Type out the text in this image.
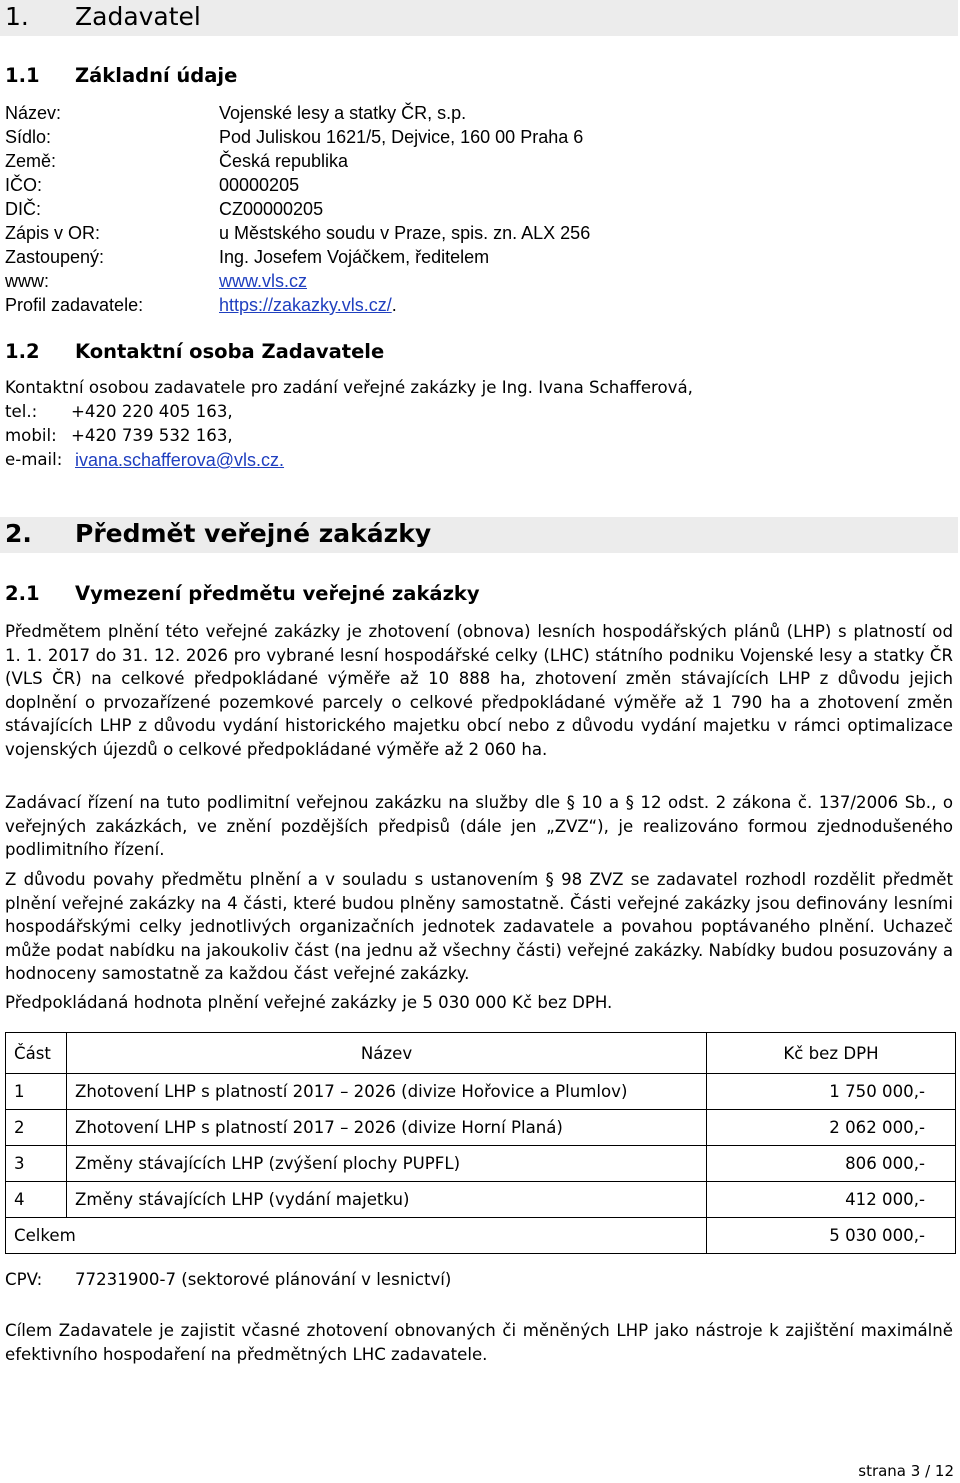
1. Zadavatel
1.1 Základní údaje
Název:	Vojenské lesy a statky ČR, s.p.
Sídlo:	Pod Juliskou 1621/5, Dejvice, 160 00 Praha 6
Země:	Česká republika
IČO:	00000205
DIČ:	CZ00000205
Zápis v OR:	u Městského soudu v Praze, spis. zn. ALX 256
Zastoupený:	Ing. Josefem Vojáčkem, ředitelem
www:	www.vls.cz
Profil zadavatele:	https://zakazky.vls.cz/.
1.2 Kontaktní osoba Zadavatele
Kontaktní osobou zadavatele pro zadání veřejné zakázky je Ing. Ivana Schafferová,
tel.: +420 220 405 163,
mobil: +420 739 532 163,
e-mail: ivana.schafferova@vls.cz.
2. Předmět veřejné zakázky
2.1 Vymezení předmětu veřejné zakázky
Předmětem plnění této veřejné zakázky je zhotovení (obnova) lesních hospodářských plánů (LHP) s platností od 1. 1. 2017 do 31. 12. 2026 pro vybrané lesní hospodářské celky (LHC) státního podniku Vojenské lesy a statky ČR (VLS ČR) na celkové předpokládané výměře až 10 888 ha, zhotovení změn stávajících LHP z důvodu jejich doplnění o prvozařízené pozemkové parcely o celkové předpokládané výměře až 1 790 ha a zhotovení změn stávajících LHP z důvodu vydání historického majetku obcí nebo z důvodu vydání majetku v rámci optimalizace vojenských újezdů o celkové předpokládané výměře až 2 060 ha.
Zadávací řízení na tuto podlimitní veřejnou zakázku na služby dle § 10 a § 12 odst. 2 zákona č. 137/2006 Sb., o veřejných zakázkách, ve znění pozdějších předpisů (dále jen „ZVZ“), je realizováno formou zjednodušeného podlimitního řízení.
Z důvodu povahy předmětu plnění a v souladu s ustanovením § 98 ZVZ se zadavatel rozhodl rozdělit předmět plnění veřejné zakázky na 4 části, které budou plněny samostatně. Části veřejné zakázky jsou definovány lesními hospodářskými celky jednotlivých organizačních jednotek zadavatele a povahou poptávaného plnění. Uchazeč může podat nabídku na jakoukoliv část (na jednu až všechny části) veřejné zakázky. Nabídky budou posuzovány a hodnoceny samostatně za každou část veřejné zakázky.
Předpokládaná hodnota plnění veřejné zakázky je 5 030 000 Kč bez DPH.
Část	Název	Kč bez DPH
1	Zhotovení LHP s platností 2017 – 2026 (divize Hořovice a Plumlov)	1 750 000,-
2	Zhotovení LHP s platností 2017 – 2026 (divize Horní Planá)	2 062 000,-
3	Změny stávajících LHP (zvýšení plochy PUPFL)	806 000,-
4	Změny stávajících LHP (vydání majetku)	412 000,-
Celkem		5 030 000,-
CPV: 77231900-7 (sektorové plánování v lesnictví)
Cílem Zadavatele je zajistit včasné zhotovení obnovaných či měněných LHP jako nástroje k zajištění maximálně efektivního hospodaření na předmětných LHC zadavatele.
strana 3 / 12
